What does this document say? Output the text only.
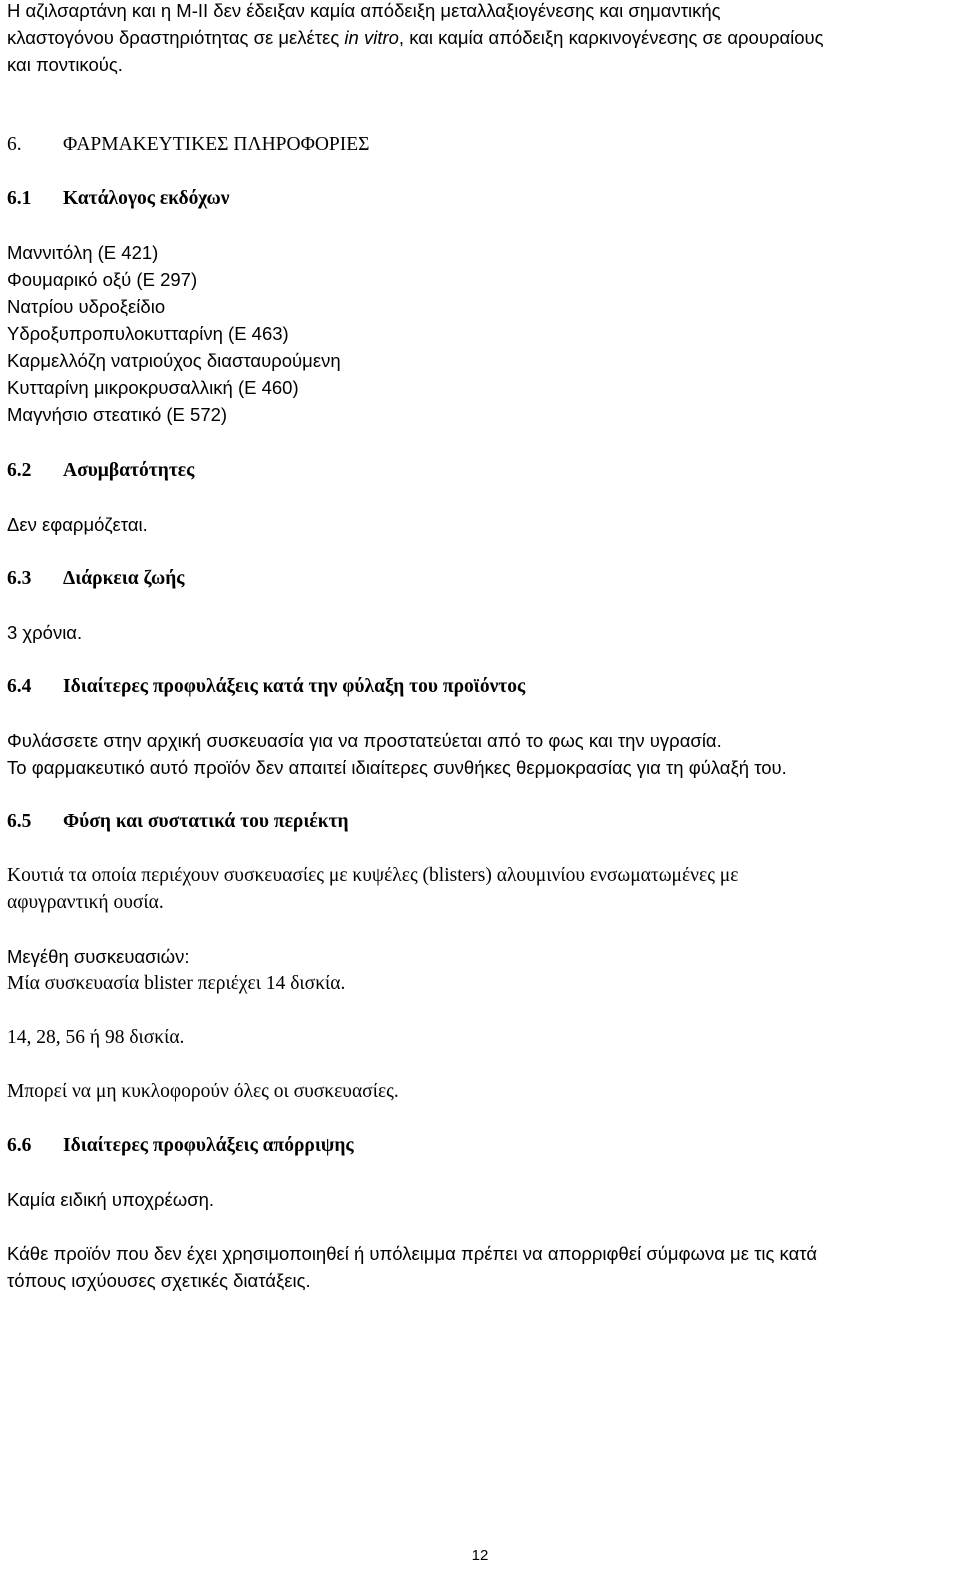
Η αζιλσαρτάνη και η M-II δεν έδειξαν καμία απόδειξη μεταλλαξιογένεσης και σημαντικής
κλαστογόνου δραστηριότητας σε μελέτες in vitro, και καμία απόδειξη καρκινογένεσης σε αρουραίους
και ποντικούς.

6. ΦΑΡΜΑΚΕΥΤΙΚΕΣ ΠΛΗΡΟΦΟΡΙΕΣ
6.1 Κατάλογος εκδόχων
Μαννιτόλη (E 421)
Φουμαρικό οξύ (E 297)
Νατρίου υδροξείδιο
Υδροξυπροπυλοκυτταρίνη (E 463)
Καρμελλόζη νατριούχος διασταυρούμενη
Κυτταρίνη μικροκρυσαλλική (E 460)
Μαγνήσιο στεατικό (E 572)
6.2 Ασυμβατότητες
Δεν εφαρμόζεται.
6.3 Διάρκεια ζωής
3 χρόνια.
6.4 Ιδιαίτερες προφυλάξεις κατά την φύλαξη του προϊόντος
Φυλάσσετε στην αρχική συσκευασία για να προστατεύεται από το φως και την υγρασία.
Το φαρμακευτικό αυτό προϊόν δεν απαιτεί ιδιαίτερες συνθήκες θερμοκρασίας για τη φύλαξή του.
6.5 Φύση και συστατικά του περιέκτη
Κουτιά τα οποία περιέχουν συσκευασίες με κυψέλες (blisters) αλουμινίου ενσωματωμένες με
αφυγραντική ουσία.
Μεγέθη συσκευασιών:
Μία συσκευασία blister περιέχει 14 δισκία.
14, 28, 56 ή 98 δισκία.
Μπορεί να μη κυκλοφορούν όλες οι συσκευασίες.
6.6 Ιδιαίτερες προφυλάξεις απόρριψης
Καμία ειδική υποχρέωση.
Κάθε προϊόν που δεν έχει χρησιμοποιηθεί ή υπόλειμμα πρέπει να απορριφθεί σύμφωνα με τις κατά
τόπους ισχύουσες σχετικές διατάξεις.
12
